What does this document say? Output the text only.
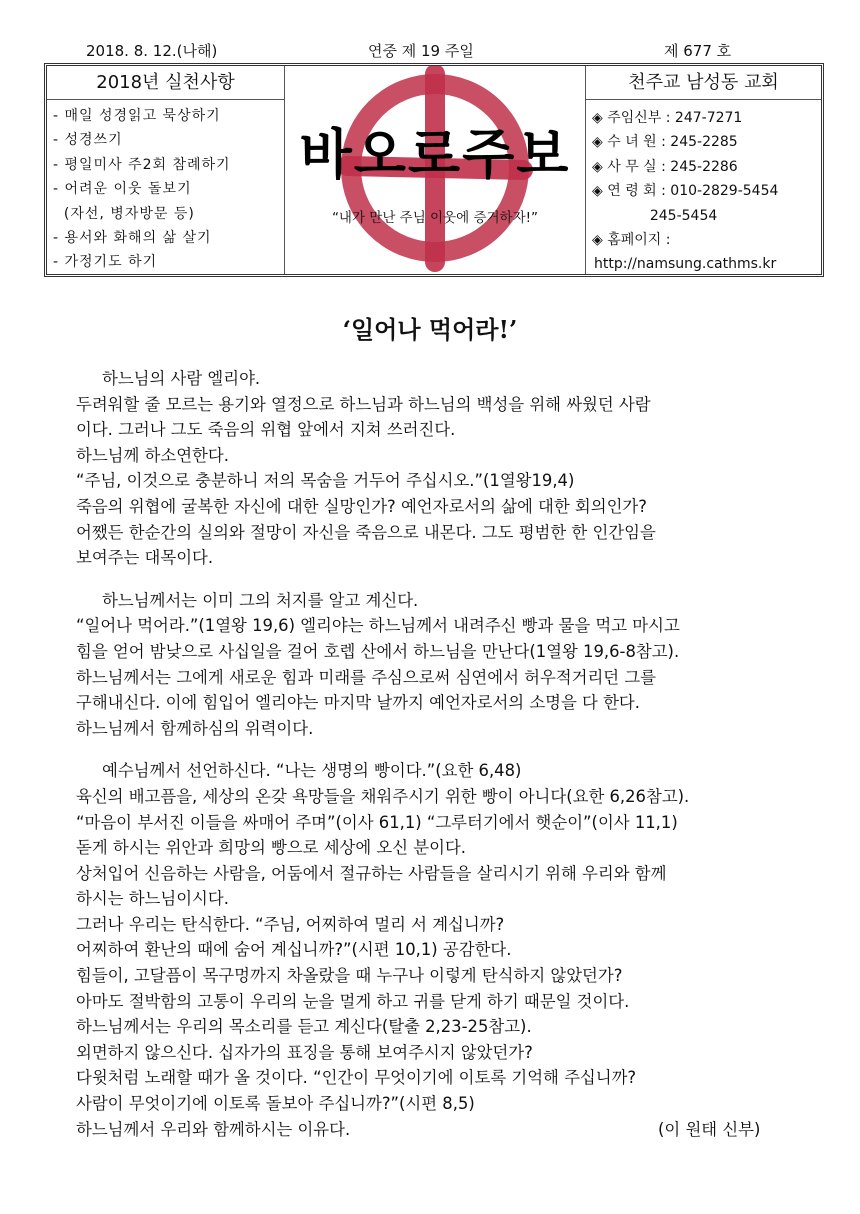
2018. 8. 12.(나해)	연중 제 19 주일	제 677 호
2018년 실천사항
- 매일 성경읽고 묵상하기
- 성경쓰기
- 평일미사 주2회 참례하기
- 어려운 이웃 돌보기
(자선, 병자방문 등)
- 용서와 화해의 삶 살기
- 가정기도 하기
바오로주보
“내가 만난 주님 이웃에 증거하자!”
천주교 남성동 교회
◈ 주임신부 : 247-7271
◈ 수 녀 원 : 245-2285
◈ 사 무 실 : 245-2286
◈ 연 령 회 : 010-2829-5454
245-5454
◈ 홈페이지 :
http://namsung.cathms.kr
‘일어나 먹어라!’
하느님의 사람 엘리야.
두려워할 줄 모르는 용기와 열정으로 하느님과 하느님의 백성을 위해 싸웠던 사람
이다. 그러나 그도 죽음의 위협 앞에서 지쳐 쓰러진다.
하느님께 하소연한다.
“주님, 이것으로 충분하니 저의 목숨을 거두어 주십시오.”(1열왕19,4)
죽음의 위협에 굴복한 자신에 대한 실망인가? 예언자로서의 삶에 대한 회의인가?
어쨌든 한순간의 실의와 절망이 자신을 죽음으로 내몬다. 그도 평범한 한 인간임을
보여주는 대목이다.
하느님께서는 이미 그의 처지를 알고 계신다.
“일어나 먹어라.”(1열왕 19,6) 엘리야는 하느님께서 내려주신 빵과 물을 먹고 마시고
힘을 얻어 밤낮으로 사십일을 걸어 호렙 산에서 하느님을 만난다(1열왕 19,6-8참고).
하느님께서는 그에게 새로운 힘과 미래를 주심으로써 심연에서 허우적거리던 그를
구해내신다. 이에 힘입어 엘리야는 마지막 날까지 예언자로서의 소명을 다 한다.
하느님께서 함께하심의 위력이다.
예수님께서 선언하신다. “나는 생명의 빵이다.”(요한 6,48)
육신의 배고픔을, 세상의 온갖 욕망들을 채워주시기 위한 빵이 아니다(요한 6,26참고).
“마음이 부서진 이들을 싸매어 주며”(이사 61,1) “그루터기에서 햇순이”(이사 11,1)
돋게 하시는 위안과 희망의 빵으로 세상에 오신 분이다.
상처입어 신음하는 사람을, 어둠에서 절규하는 사람들을 살리시기 위해 우리와 함께
하시는 하느님이시다.
그러나 우리는 탄식한다. “주님, 어찌하여 멀리 서 계십니까?
어찌하여 환난의 때에 숨어 계십니까?”(시편 10,1) 공감한다.
힘들이, 고달픔이 목구멍까지 차올랐을 때 누구나 이렇게 탄식하지 않았던가?
아마도 절박함의 고통이 우리의 눈을 멀게 하고 귀를 닫게 하기 때문일 것이다.
하느님께서는 우리의 목소리를 듣고 계신다(탈출 2,23-25참고).
외면하지 않으신다. 십자가의 표징을 통해 보여주시지 않았던가?
다윗처럼 노래할 때가 올 것이다. “인간이 무엇이기에 이토록 기억해 주십니까?
사람이 무엇이기에 이토록 돌보아 주십니까?”(시편 8,5)
하느님께서 우리와 함께하시는 이유다.	(이 원태 신부)
